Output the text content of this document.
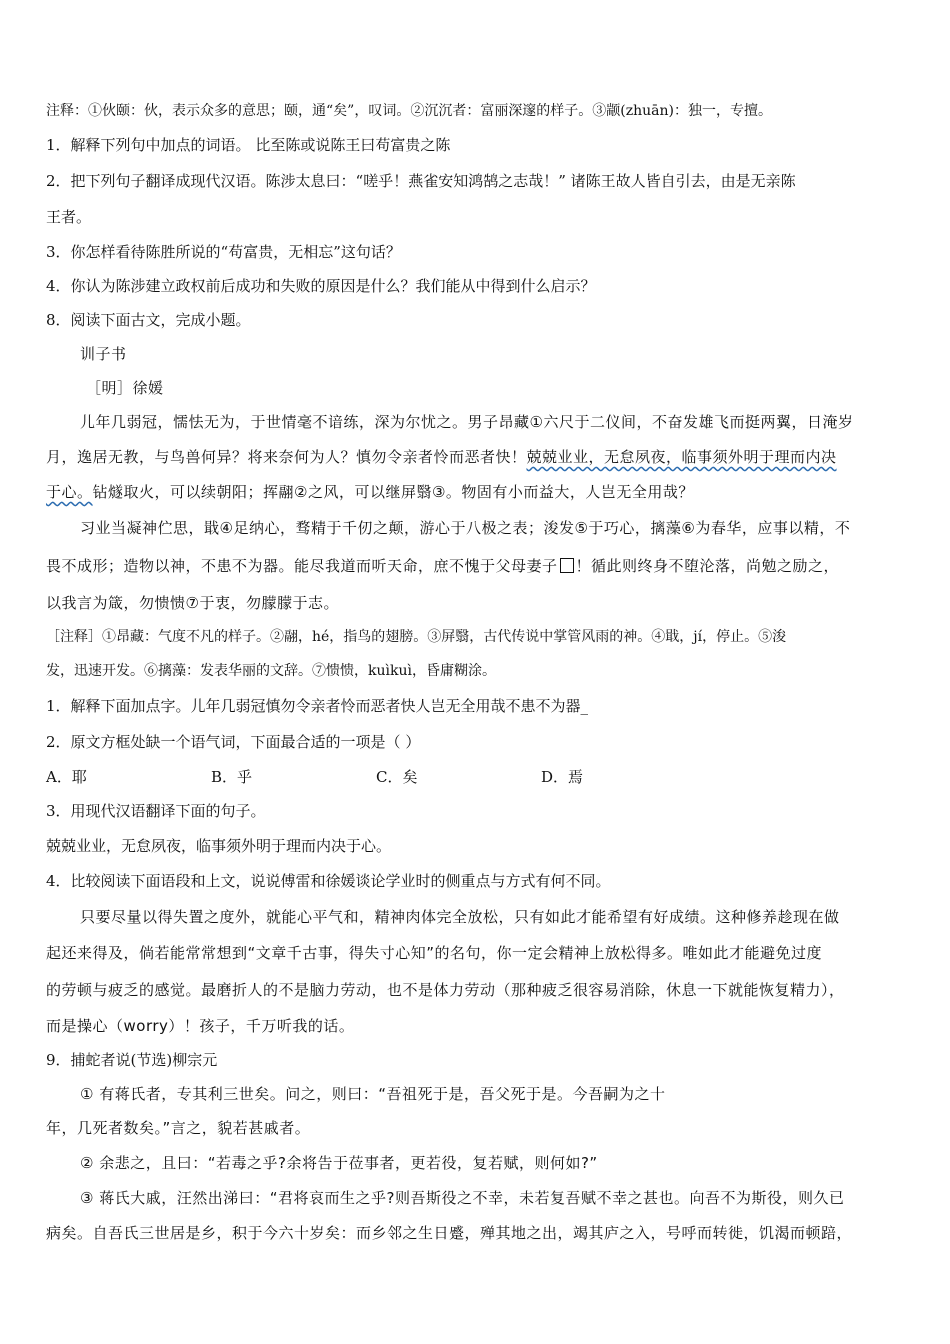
注释：①伙颐：伙，表示众多的意思；颐，通“矣”，叹词。②沉沉者：富丽深邃的样子。③颛(zhuān)：独一，专擅。
1．解释下列句中加点的词语。 比至陈或说陈王曰苟富贵之陈
2．把下列句子翻译成现代汉语。陈涉太息曰：“嗟乎！燕雀安知鸿鹄之志哉！” 诸陈王故人皆自引去，由是无亲陈
王者。
3．你怎样看待陈胜所说的“苟富贵，无相忘”这句话？
4．你认为陈涉建立政权前后成功和失败的原因是什么？我们能从中得到什么启示？
8．阅读下面古文，完成小题。
训子书
［明］徐媛
儿年几弱冠，懦怯无为，于世情毫不谙练，深为尔忧之。男子昂藏①六尺于二仪间，不奋发雄飞而挺两翼，日淹岁
月，逸居无教，与鸟兽何异？将来奈何为人？慎勿令亲者怜而恶者快！兢兢业业，无怠夙夜，临事须外明于理而内决
于心。钻燧取火，可以续朝阳；挥翮②之风，可以继屏翳③。物固有小而益大，人岂无全用哉？
习业当凝神伫思，戢④足纳心，骛精于千仞之颠，游心于八极之表；浚发⑤于巧心，摛藻⑥为春华，应事以精，不
畏不成形；造物以神，不患不为器。能尽我道而听天命，庶不愧于父母妻子 ！循此则终身不堕沦落，尚勉之励之，
以我言为箴，勿愦愦⑦于衷，勿朦朦于志。
［注释］①昂藏：气度不凡的样子。②翮，hé，指鸟的翅膀。③屏翳，古代传说中掌管风雨的神。④戢，jí，停止。⑤浚
发，迅速开发。⑥摛藻：发表华丽的文辞。⑦愦愦，kuìkuì，昏庸糊涂。
1．解释下面加点字。儿年几弱冠慎勿令亲者怜而恶者快人岂无全用哉不患不为器_
2．原文方框处缺一个语气词，下面最合适的一项是（ ）
A．耶	B．乎	C．矣	D．焉
3．用现代汉语翻译下面的句子。
兢兢业业，无怠夙夜，临事须外明于理而内决于心。
4．比较阅读下面语段和上文，说说傅雷和徐媛谈论学业时的侧重点与方式有何不同。
只要尽量以得失置之度外，就能心平气和，精神肉体完全放松，只有如此才能希望有好成绩。这种修养趁现在做
起还来得及，倘若能常常想到“文章千古事，得失寸心知”的名句，你一定会精神上放松得多。唯如此才能避免过度
的劳顿与疲乏的感觉。最磨折人的不是脑力劳动，也不是体力劳动（那种疲乏很容易消除，休息一下就能恢复精力），
而是操心（worry）！孩子，千万听我的话。
9．捕蛇者说(节选)柳宗元
① 有蒋氏者，专其利三世矣。问之，则曰：“吾祖死于是，吾父死于是。今吾嗣为之十
年，几死者数矣。”言之，貌若甚戚者。
② 余悲之，且曰：“若毒之乎?余将告于莅事者，更若役，复若赋，则何如?”
③ 蒋氏大戚，汪然出涕曰：“君将哀而生之乎?则吾斯役之不幸，未若复吾赋不幸之甚也。向吾不为斯役，则久已
病矣。自吾氏三世居是乡，积于今六十岁矣：而乡邻之生日蹙，殚其地之出，竭其庐之入，号呼而转徙，饥渴而顿踣，
